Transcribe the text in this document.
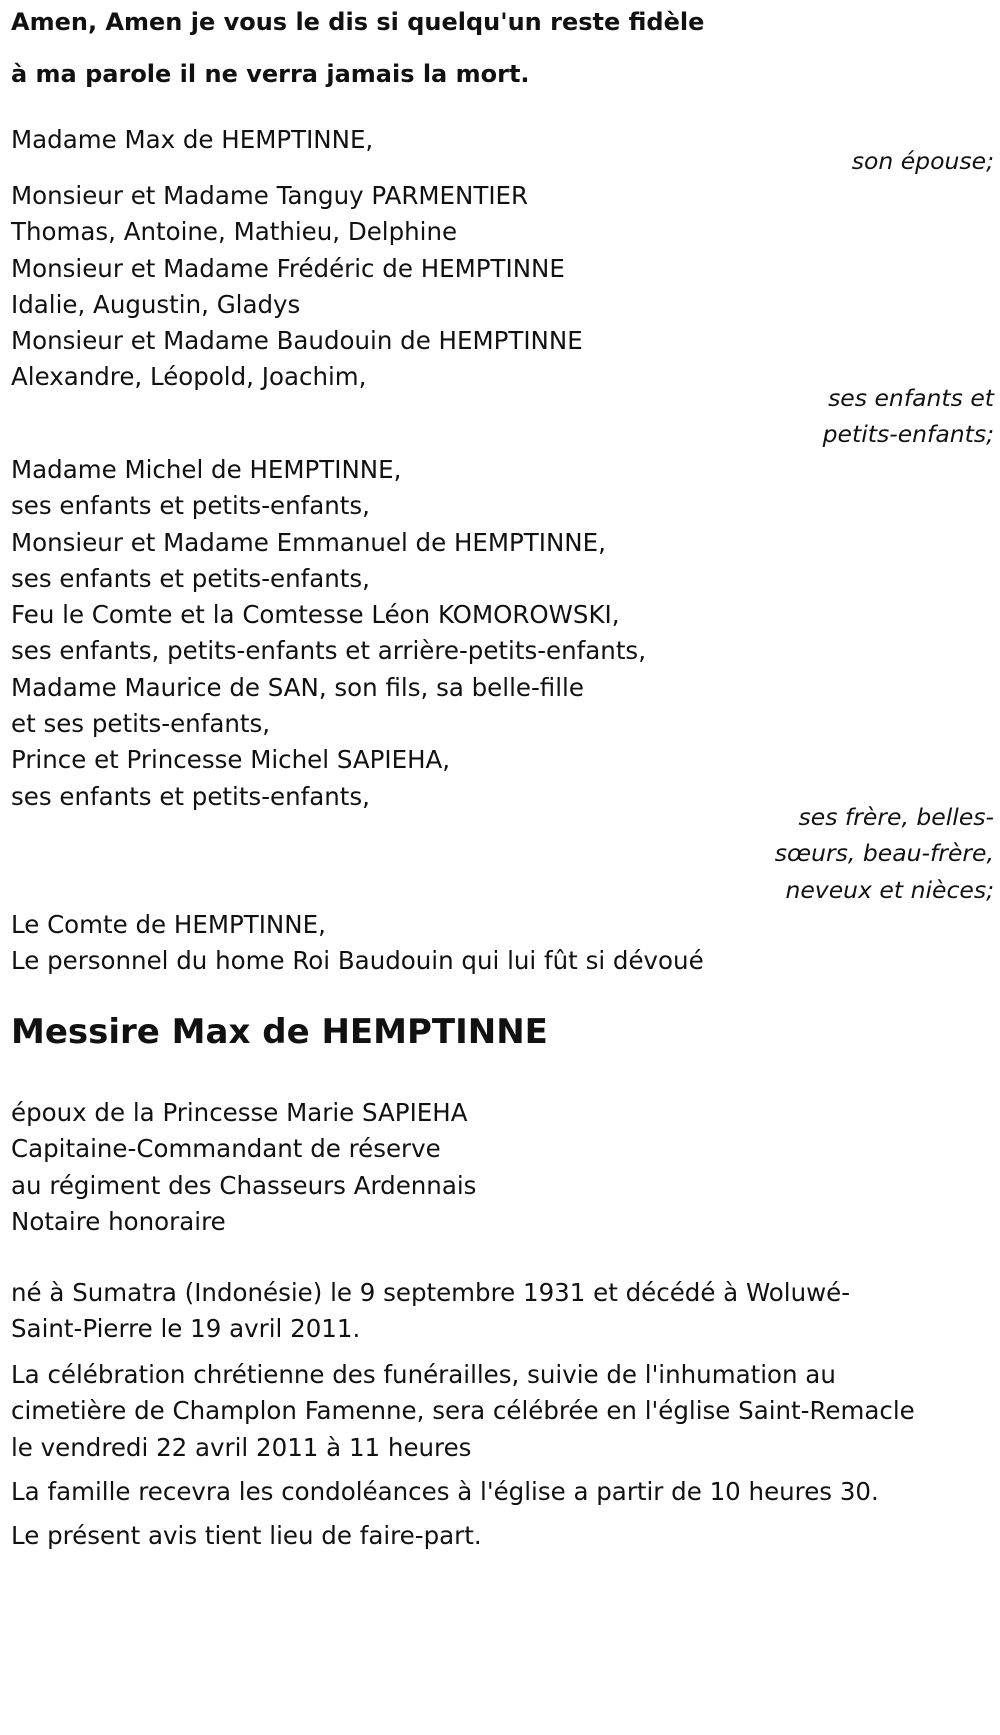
Amen, Amen je vous le dis si quelqu'un reste fidèle
à ma parole il ne verra jamais la mort.
Madame Max de HEMPTINNE,
son épouse;
Monsieur et Madame Tanguy PARMENTIER
Thomas, Antoine, Mathieu, Delphine
Monsieur et Madame Frédéric de HEMPTINNE
Idalie, Augustin, Gladys
Monsieur et Madame Baudouin de HEMPTINNE
Alexandre, Léopold, Joachim,
ses enfants et
petits-enfants;
Madame Michel de HEMPTINNE,
ses enfants et petits-enfants,
Monsieur et Madame Emmanuel de HEMPTINNE,
ses enfants et petits-enfants,
Feu le Comte et la Comtesse Léon KOMOROWSKI,
ses enfants, petits-enfants et arrière-petits-enfants,
Madame Maurice de SAN, son fils, sa belle-fille
et ses petits-enfants,
Prince et Princesse Michel SAPIEHA,
ses enfants et petits-enfants,
ses frère, belles-
sœurs, beau-frère,
neveux et nièces;
Le Comte de HEMPTINNE,
Le personnel du home Roi Baudouin qui lui fût si dévoué
Messire Max de HEMPTINNE
époux de la Princesse Marie SAPIEHA
Capitaine-Commandant de réserve
au régiment des Chasseurs Ardennais
Notaire honoraire
né à Sumatra (Indonésie) le 9 septembre 1931 et décédé à Woluwé-
Saint-Pierre le 19 avril 2011.
La célébration chrétienne des funérailles, suivie de l'inhumation au
cimetière de Champlon Famenne, sera célébrée en l'église Saint-Remacle
le vendredi 22 avril 2011 à 11 heures
La famille recevra les condoléances à l'église a partir de 10 heures 30.
Le présent avis tient lieu de faire-part.
